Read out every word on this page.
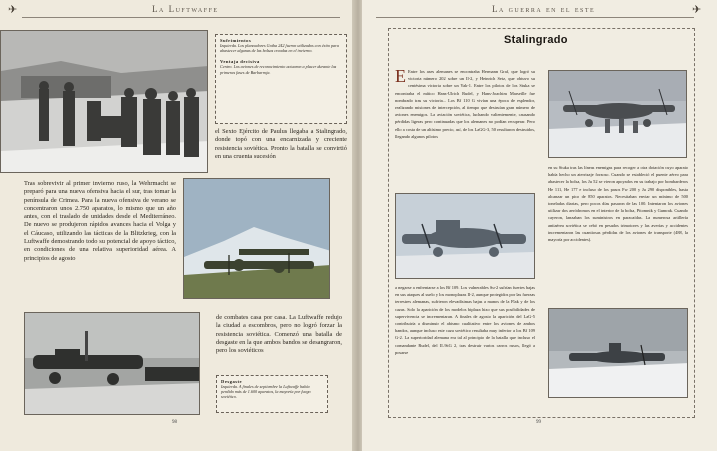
✈	La Luftwaffe
Sufrimientos

Izquierda. Los planeadores Gotha 242 fueron utilizados con éxito para abastecer algunas de las bolsas creadas en el invierno.

Ventaja decisiva

Centro. Los aviones de reconocimiento actuaron a placer durante las primeras fases de Barbarroja.

el Sexto Ejército de Paulus llegaba a Stalingrado, donde topó con una encarnizada y creciente resistencia soviética. Pronto la batalla se convirtió en una cruenta sucesión
Tras sobrevivir al primer invierno ruso, la Wehrmacht se preparó para una nueva ofensiva hacia el sur, tras tomar la península de Crimea. Para la nueva ofensiva de verano se concentraron unos 2.750 aparatos, lo mismo que un año antes, con el traslado de unidades desde el Mediterráneo. De nuevo se produjeron rápidos avances hacia el Volga y el Cáucaso, utilizando las tácticas de la Blitzkrieg, con la Luftwaffe demostrando todo su potencial de apoyo táctico, en condiciones de una relativa superioridad aérea. A principios de agosto
de combates casa por casa. La Luftwaffe redujo la ciudad a escombros, pero no logró forzar la resistencia soviética. Comenzó una batalla de desgaste en la que ambos bandos se desangraron, pero los soviéticos
Desgaste

Izquierda. A finales de septiembre la Luftwaffe había perdido más de 1.600 aparatos, la mayoría por fuego soviético.

98
La guerra en el este	✈
Stalingrado
E Entre los ases alemanes se encontraba Hermann Graf, que logró su victoria número 202 sobre un Il-2, y Heinrich Setz, que obtuvo su centésima victoria sobre un Yak-1. Entre los pilotos de los Stuka se encontraba el mítico Hans-Ulrich Rudel, y Hans-Joachim Marseille fue nombrado tras su victoria... Los Bf 110 G vivían una época de esplendor, realizando misiones de intercepción, al tiempo que destruían gran número de aviones enemigos. La aviación soviética, luchando valientemente, causando pérdidas ligeras pero continuadas que los alemanes no podían recuperar. Pero ello a costa de un altísimo precio, así, de los LaGG-3, 50 resultaron destruidos, llegando algunos pilotos
a negarse a enfrentarse a los Bf 109. Los vulnerables Su-2 sufrían fuertes bajas en sus ataques al suelo y los monoplazas Il-2, aunque protegidos por las fuerzas terrestres alemanas, sufrieron elevadísimas bajas a manos de la Flak y de los cazas. Solo la aparición de los modelos biplaza hizo que sus posibilidades de supervivencia se incrementaran. A finales de agosto la aparición del LaG-5 contribuiría a disminuir el abismo cualitativo entre los aviones de ambos bandos, aunque incluso este caza soviético resultaba muy inferior a los Bf 109 G-2. La superioridad alemana era tal al principio de la batalla que incluso el comandante Rudel, del II./StG 2, tras destruir varios carros rusos, llegó a posarse
en su Stuka tras las líneas enemigas para recoger a otra dotación cuyo aparato había hecho un aterrizaje forzoso. Cuando se estableció el puente aéreo para abastecer la bolsa, los Ju 52 se vieron apoyados en su trabajo por bombarderos He 111, He 177 e incluso de los pasos Fw 200 y Ju 290 disponibles, hasta alcanzar un pico de 850 aparatos. Necesitaban enviar un mínimo de 500 toneladas diarias, pero pocos días pasaron de las 100. Intentaron los aviones utilizar dos aeródromos en el interior de la bolsa, Pitomnik y Gumrak. Cuando cayeron, lanzaban los suministros en paracaídas. La numerosa artillería antiaérea soviética se cebó en pesados trimotores y las averías y accidentes incrementaron las cuantiosas pérdidas de los aviones de transporte (488, la mayoría por accidentes).
99
